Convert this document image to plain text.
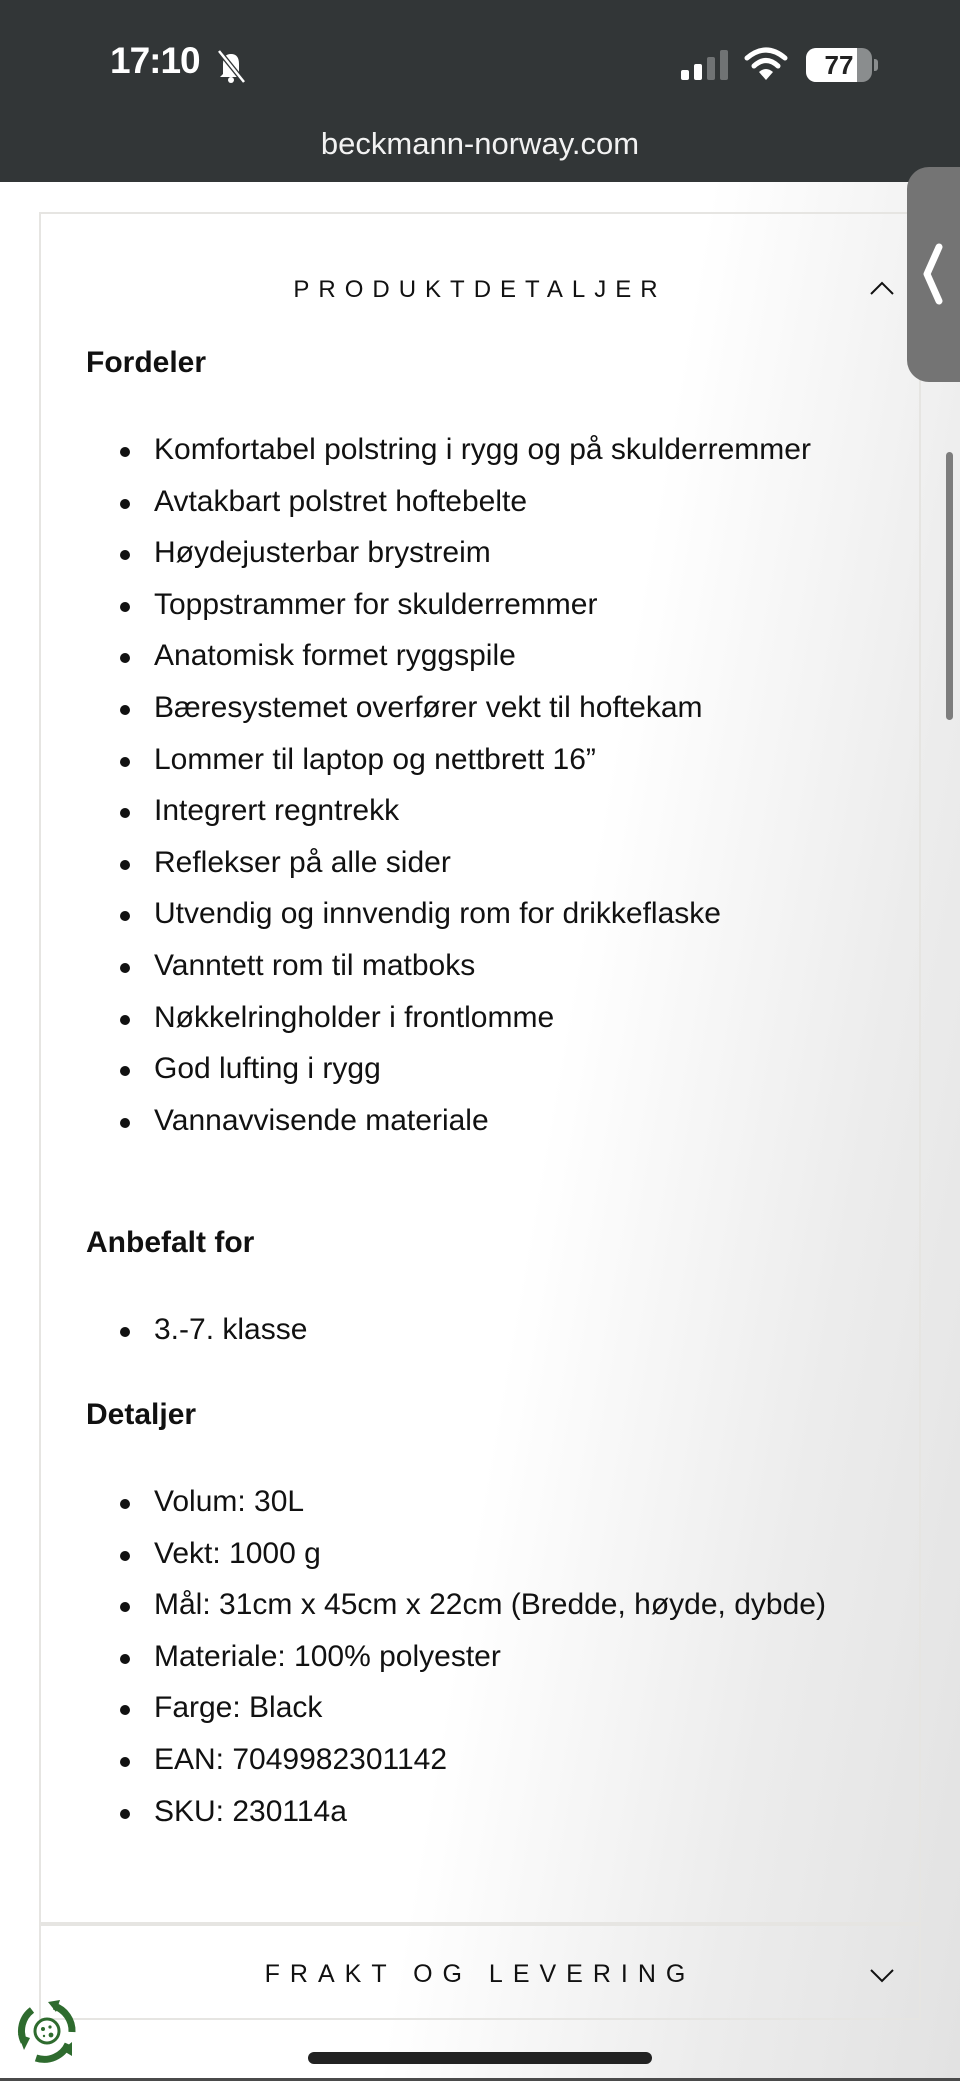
17:10	77
beckmann-norway.com
PRODUKTDETALJER
Fordeler
Komfortabel polstring i rygg og på skulderremmer
Avtakbart polstret hoftebelte
Høydejusterbar brystreim
Toppstrammer for skulderremmer
Anatomisk formet ryggspile
Bæresystemet overfører vekt til hoftekam
Lommer til laptop og nettbrett 16”
Integrert regntrekk
Reflekser på alle sider
Utvendig og innvendig rom for drikkeflaske
Vanntett rom til matboks
Nøkkelringholder i frontlomme
God lufting i rygg
Vannavvisende materiale
Anbefalt for
3.-7. klasse
Detaljer
Volum: 30L
Vekt: 1000 g
Mål: 31cm x 45cm x 22cm (Bredde, høyde, dybde)
Materiale: 100% polyester
Farge: Black
EAN: 7049982301142
SKU: 230114a
FRAKT OG LEVERING
